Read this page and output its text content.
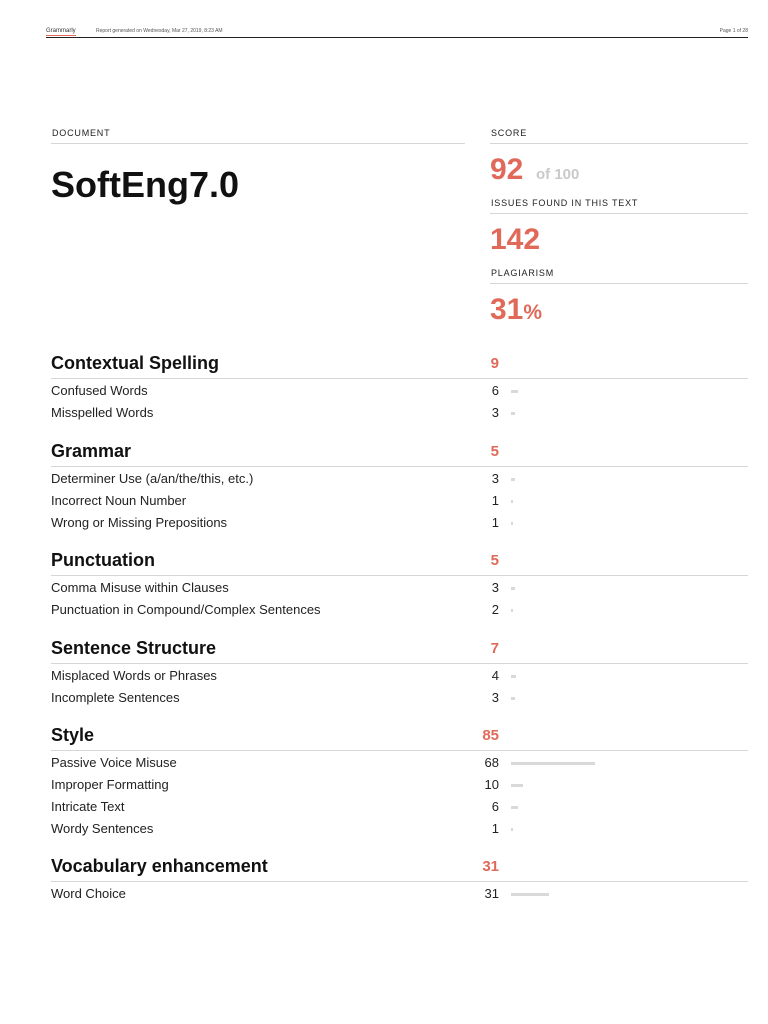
Grammarly	Report generated on Wednesday, Mar 27, 2019, 8:23 AM	Page 1 of 28
DOCUMENT
SoftEng7.0
SCORE
92 of 100
ISSUES FOUND IN THIS TEXT
142
PLAGIARISM
31%
Contextual Spelling	9
Confused Words	6
Misspelled Words	3
Grammar	5
Determiner Use (a/an/the/this, etc.)	3
Incorrect Noun Number	1
Wrong or Missing Prepositions	1
Punctuation	5
Comma Misuse within Clauses	3
Punctuation in Compound/Complex Sentences	2
Sentence Structure	7
Misplaced Words or Phrases	4
Incomplete Sentences	3
Style	85
Passive Voice Misuse	68
Improper Formatting	10
Intricate Text	6
Wordy Sentences	1
Vocabulary enhancement	31
Word Choice	31
